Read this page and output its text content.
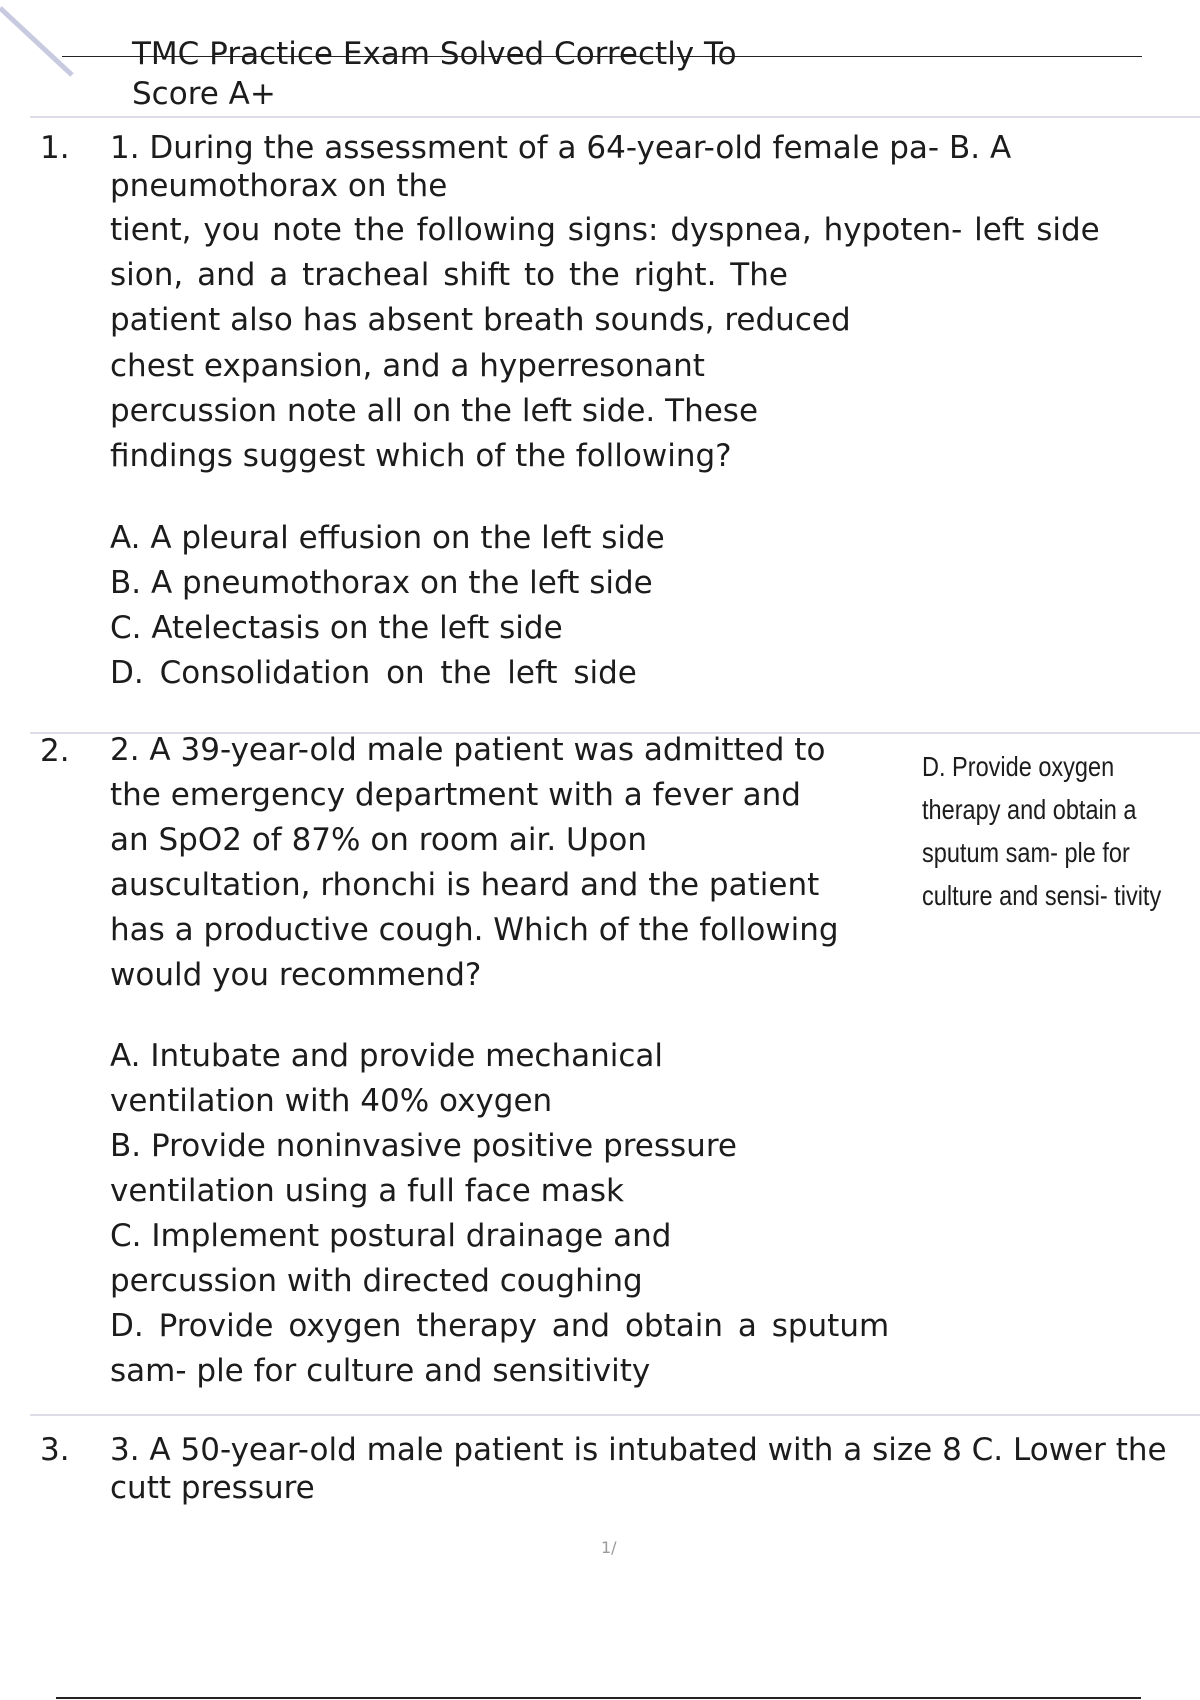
TMC Practice Exam Solved Correctly To
Score A+
1. 1. During the assessment of a 64-year-old female pa- B. A
pneumothorax on the
tient, you note the following signs: dyspnea, hypoten- left side
sion, and a tracheal shift to the right. The
patient also has absent breath sounds, reduced
chest expansion, and a hyperresonant
percussion note all on the left side. These
findings suggest which of the following?
A. A pleural effusion on the left side
B. A pneumothorax on the left side
C. Atelectasis on the left side
D. Consolidation on the left side
2. 2. A 39-year-old male patient was admitted to
the emergency department with a fever and
an SpO2 of 87% on room air. Upon
auscultation, rhonchi is heard and the patient
has a productive cough. Which of the following
would you recommend?
D. Provide oxygen
therapy and obtain a
sputum sam- ple for
culture and sensi- tivity
A. Intubate and provide mechanical
ventilation with 40% oxygen
B. Provide noninvasive positive pressure
ventilation using a full face mask
C. Implement postural drainage and
percussion with directed coughing
D. Provide oxygen therapy and obtain a sputum
sam- ple for culture and sensitivity
3. 3. A 50-year-old male patient is intubated with a size 8 C. Lower the
cutt pressure
1/
